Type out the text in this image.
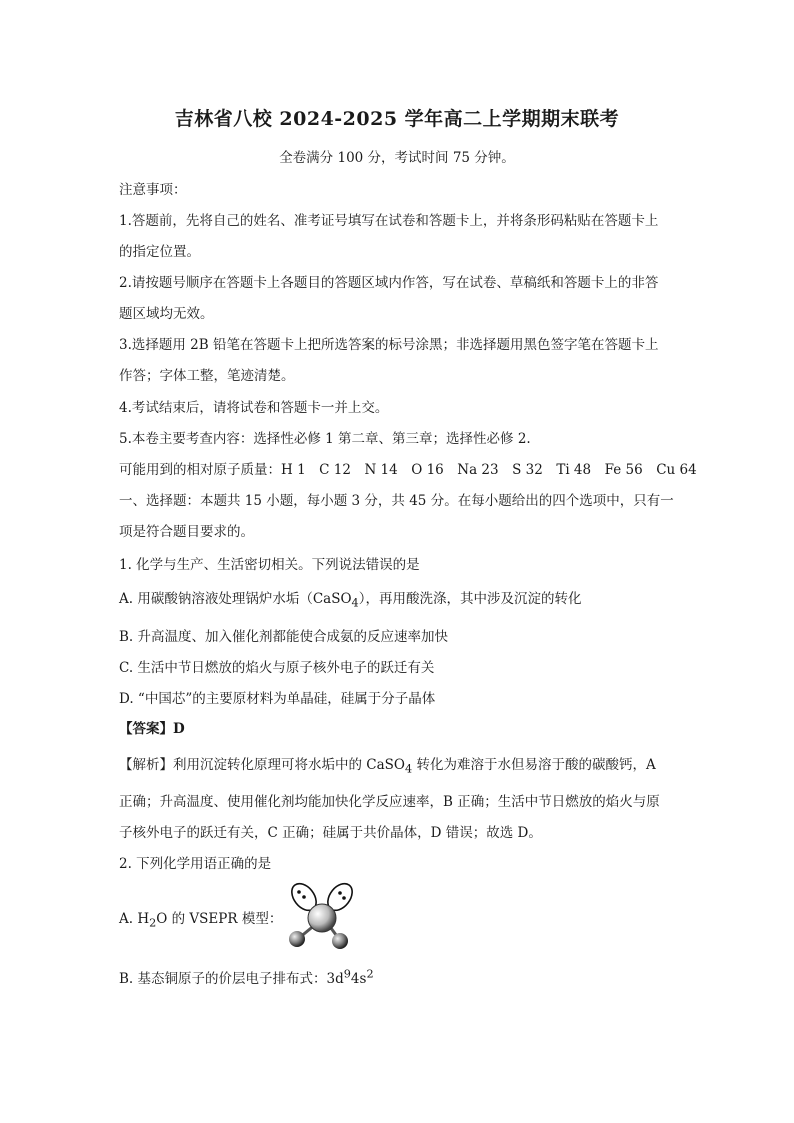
吉林省八校 2024-2025 学年高二上学期期末联考
全卷满分 100 分，考试时间 75 分钟。
注意事项：
1.答题前，先将自己的姓名、准考证号填写在试卷和答题卡上，并将条形码粘贴在答题卡上
的指定位置。
2.请按题号顺序在答题卡上各题目的答题区域内作答，写在试卷、草稿纸和答题卡上的非答
题区域均无效。
3.选择题用 2B 铅笔在答题卡上把所选答案的标号涂黑；非选择题用黑色签字笔在答题卡上
作答；字体工整，笔迹清楚。
4.考试结束后，请将试卷和答题卡一并上交。
5.本卷主要考查内容：选择性必修 1 第二章、第三章；选择性必修 2.
可能用到的相对原子质量：H 1　C 12　N 14　O 16　Na 23　S 32　Ti 48　Fe 56　Cu 64
一、选择题：本题共 15 小题，每小题 3 分，共 45 分。在每小题给出的四个选项中，只有一
项是符合题目要求的。
1. 化学与生产、生活密切相关。下列说法错误的是
A. 用碳酸钠溶液处理锅炉水垢（CaSO$_4$），再用酸洗涤，其中涉及沉淀的转化
B. 升高温度、加入催化剂都能使合成氨的反应速率加快
C. 生活中节日燃放的焰火与原子核外电子的跃迁有关
D. “中国芯”的主要原材料为单晶硅，硅属于分子晶体
【答案】D
【解析】利用沉淀转化原理可将水垢中的 CaSO$_4$ 转化为难溶于水但易溶于酸的碳酸钙，A
正确；升高温度、使用催化剂均能加快化学反应速率，B 正确；生活中节日燃放的焰火与原
子核外电子的跃迁有关，C 正确；硅属于共价晶体，D 错误；故选 D。
2. 下列化学用语正确的是
A. $H_2O$ 的 VSEPR 模型：
B. 基态铜原子的价层电子排布式：$3d^94s^2$
